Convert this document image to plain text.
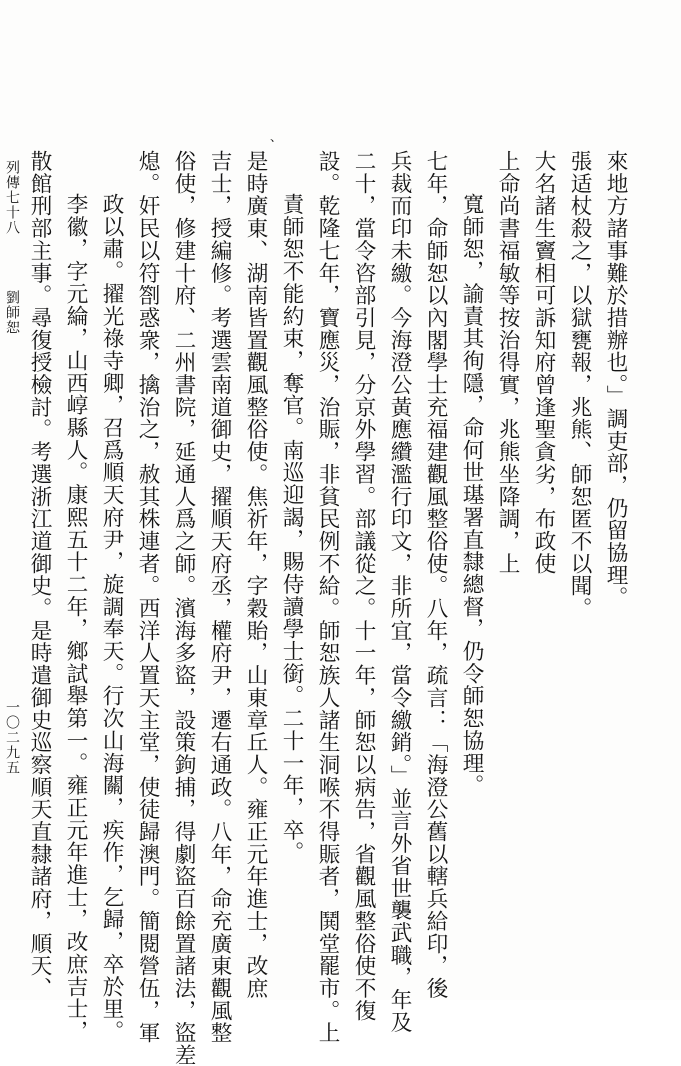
來地方諸事難於措辦也。」調吏部，仍留協理。
大名諸生竇相可訴知府曾逢聖貪劣，布政使
上命尚書福敏等按治得實，兆熊坐降調，上
寬師恕，諭責其徇隱，命何世璂署直隸總督，仍令師恕協理。
七年，命師恕以內閣學士充福建觀風整俗使。八年，疏言：「海澄公舊以轄兵給印，後
兵裁而印未繳。今海澄公黃應纘濫行印文，非所宜，當令繳銷。」並言外省世襲武職，年及
二十，當令咨部引見，分京外學習。部議從之。十一年，師恕以病告，省觀風整俗使不復
設。乾隆七年，寶應災，治賑，非貧民例不給。師恕族人諸生洞喉不得賑者，鬨堂罷市。上
責師恕不能約束，奪官。南巡迎謁，賜侍讀學士銜。二十一年，卒。
是時廣東、湖南皆置觀風整俗使。焦祈年，字穀貽，山東章丘人。雍正元年進士，改庶
吉士，授編修。考選雲南道御史，擢順天府丞，權府尹，遷右通政。八年，命充廣東觀風整
俗使，修建十府、二州書院，延通人爲之師。濱海多盜，設策鉤捕，得劇盜百餘置諸法，盜差
熄。奸民以符劄惑衆，擒治之，赦其株連者。西洋人置天主堂，使徒歸澳門。簡閱營伍，軍
政以肅。擢光祿寺卿，召爲順天府尹，旋調奉天。行次山海關，疾作，乞歸，卒於里。
李徽，字元綸，山西崞縣人。康熙五十二年，鄉試舉第一。雍正元年進士，改庶吉士，
散館刑部主事。尋復授檢討。考選浙江道御史。是時遣御史巡察順天直隸諸府，順天、	張适杖殺之，以獄甕報，兆熊、師恕匿不以聞。
、
列傳七十八
劉師恕
一〇二九五
